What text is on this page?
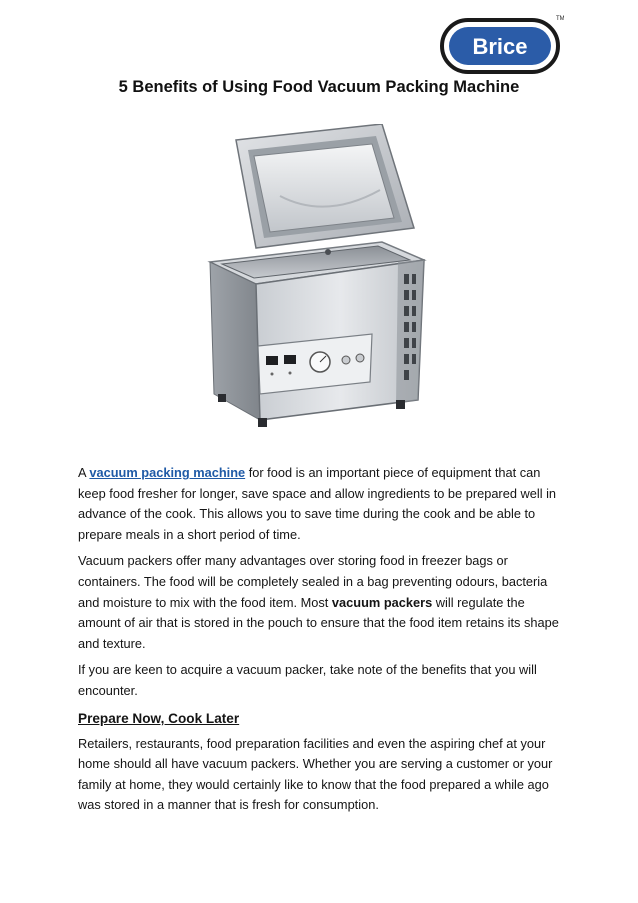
Brice
TM
5 Benefits of Using Food Vacuum Packing Machine

A vacuum packing machine for food is an important piece of equipment that can keep food fresher for longer, save space and allow ingredients to be prepared well in advance of the cook. This allows you to save time during the cook and be able to prepare meals in a short period of time.

Vacuum packers offer many advantages over storing food in freezer bags or containers. The food will be completely sealed in a bag preventing odours, bacteria and moisture to mix with the food item. Most vacuum packers will regulate the amount of air that is stored in the pouch to ensure that the food item retains its shape and texture.

If you are keen to acquire a vacuum packer, take note of the benefits that you will encounter.

Prepare Now, Cook Later

Retailers, restaurants, food preparation facilities and even the aspiring chef at your home should all have vacuum packers. Whether you are serving a customer or your family at home, they would certainly like to know that the food prepared a while ago was stored in a manner that is fresh for consumption.
